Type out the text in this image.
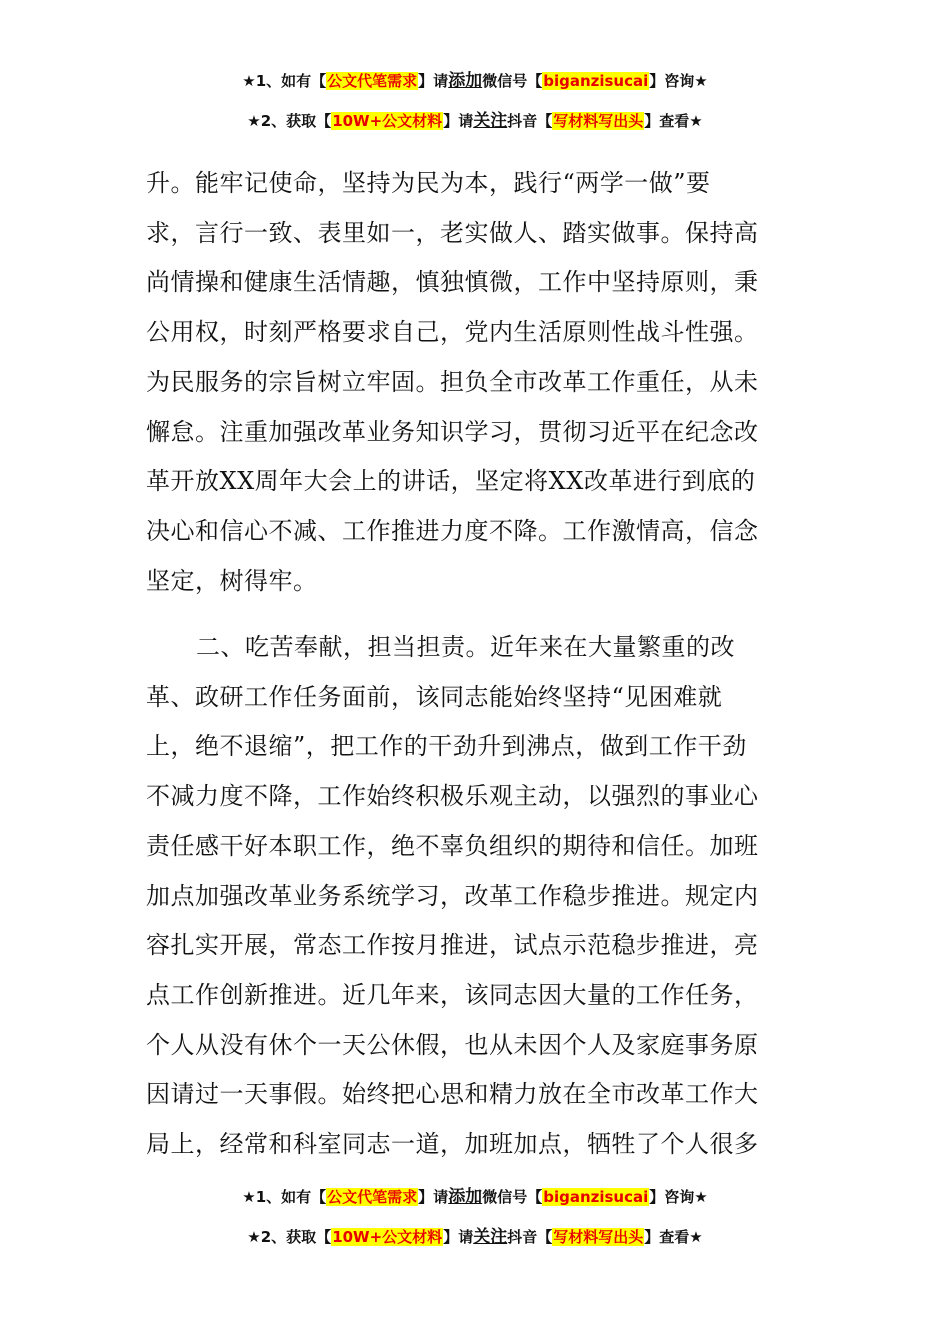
★1、如有【公文代笔需求】请添加微信号【biganzisucai】咨询★
★2、获取【10W+公文材料】请关注抖音【写材料写出头】查看★
升。能牢记使命，坚持为民为本，践行“两学一做”要
求，言行一致、表里如一，老实做人、踏实做事。保持高
尚情操和健康生活情趣，慎独慎微，工作中坚持原则，秉
公用权，时刻严格要求自己，党内生活原则性战斗性强。
为民服务的宗旨树立牢固。担负全市改革工作重任，从未
懈怠。注重加强改革业务知识学习，贯彻习近平在纪念改
革开放XX周年大会上的讲话，坚定将XX改革进行到底的
决心和信心不减、工作推进力度不降。工作激情高，信念
坚定，树得牢。
二、吃苦奉献，担当担责。近年来在大量繁重的改
革、政研工作任务面前，该同志能始终坚持“见困难就
上，绝不退缩”，把工作的干劲升到沸点，做到工作干劲
不减力度不降，工作始终积极乐观主动，以强烈的事业心
责任感干好本职工作，绝不辜负组织的期待和信任。加班
加点加强改革业务系统学习，改革工作稳步推进。规定内
容扎实开展，常态工作按月推进，试点示范稳步推进，亮
点工作创新推进。近几年来，该同志因大量的工作任务，
个人从没有休个一天公休假，也从未因个人及家庭事务原
因请过一天事假。始终把心思和精力放在全市改革工作大
局上，经常和科室同志一道，加班加点，牺牲了个人很多
★1、如有【公文代笔需求】请添加微信号【biganzisucai】咨询★
★2、获取【10W+公文材料】请关注抖音【写材料写出头】查看★
